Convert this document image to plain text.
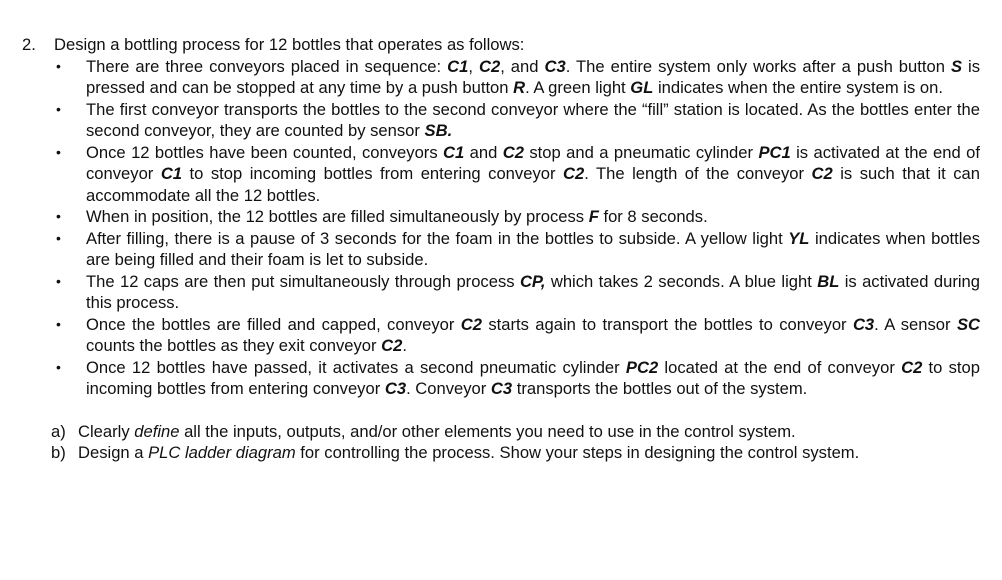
2.	Design a bottling process for 12 bottles that operates as follows:
•	There are three conveyors placed in sequence: C1, C2, and C3. The entire system only works after a push button S is pressed and can be stopped at any time by a push button R. A green light GL indicates when the entire system is on.
•	The first conveyor transports the bottles to the second conveyor where the “fill” station is located. As the bottles enter the second conveyor, they are counted by sensor SB.
•	Once 12 bottles have been counted, conveyors C1 and C2 stop and a pneumatic cylinder PC1 is activated at the end of conveyor C1 to stop incoming bottles from entering conveyor C2. The length of the conveyor C2 is such that it can accommodate all the 12 bottles.
•	When in position, the 12 bottles are filled simultaneously by process F for 8 seconds.
•	After filling, there is a pause of 3 seconds for the foam in the bottles to subside. A yellow light YL indicates when bottles are being filled and their foam is let to subside.
•	The 12 caps are then put simultaneously through process CP, which takes 2 seconds. A blue light BL is activated during this process.
•	Once the bottles are filled and capped, conveyor C2 starts again to transport the bottles to conveyor C3. A sensor SC counts the bottles as they exit conveyor C2.
•	Once 12 bottles have passed, it activates a second pneumatic cylinder PC2 located at the end of conveyor C2 to stop incoming bottles from entering conveyor C3. Conveyor C3 transports the bottles out of the system.
a) Clearly define all the inputs, outputs, and/or other elements you need to use in the control system.
b) Design a PLC ladder diagram for controlling the process. Show your steps in designing the control system.
